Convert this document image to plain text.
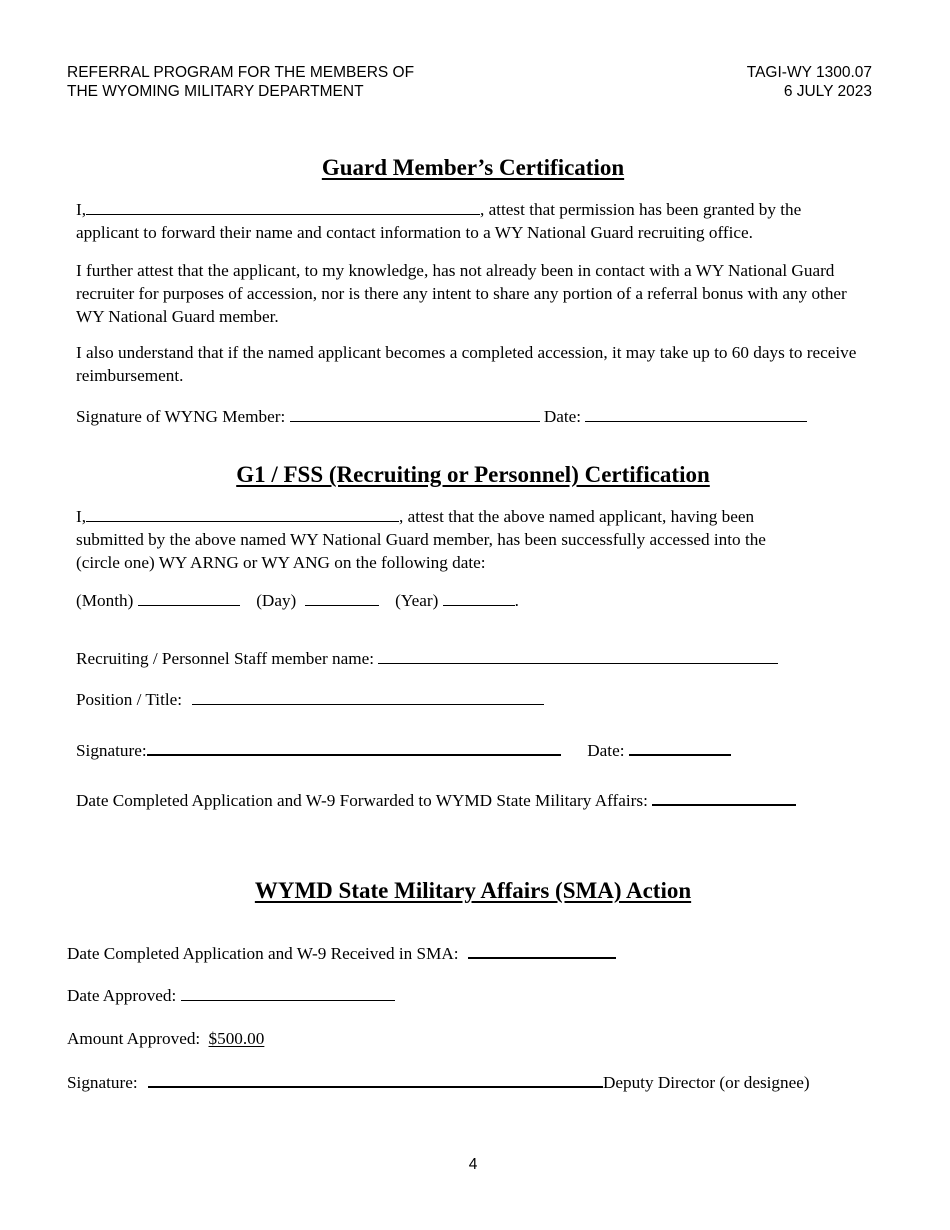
REFERRAL PROGRAM FOR THE MEMBERS OF
THE WYOMING MILITARY DEPARTMENT
TAGI-WY 1300.07
6 JULY 2023
Guard Member’s Certification
I,	, attest that permission has been granted by the
applicant to forward their name and contact information to a WY National Guard recruiting office.

I further attest that the applicant, to my knowledge, has not already been in contact with a WY National Guard recruiter for purposes of accession, nor is there any intent to share any portion of a referral bonus with any other WY National Guard member.

I also understand that if the named applicant becomes a completed accession, it may take up to 60 days to receive reimbursement.

Signature of WYNG Member:	Date:
G1 / FSS (Recruiting or Personnel) Certification
I,	, attest that the above named applicant, having been
submitted by the above named WY National Guard member, has been successfully accessed into the
(circle one) WY ARNG or WY ANG on the following date:
(Month)	(Day)	(Year)	.
Recruiting / Personnel Staff member name:
Position / Title:
Signature:	Date:
Date Completed Application and W-9 Forwarded to WYMD State Military Affairs:
WYMD State Military Affairs (SMA) Action
Date Completed Application and W-9 Received in SMA:
Date Approved:
Amount Approved: $500.00
Signature:	Deputy Director (or designee)
4
